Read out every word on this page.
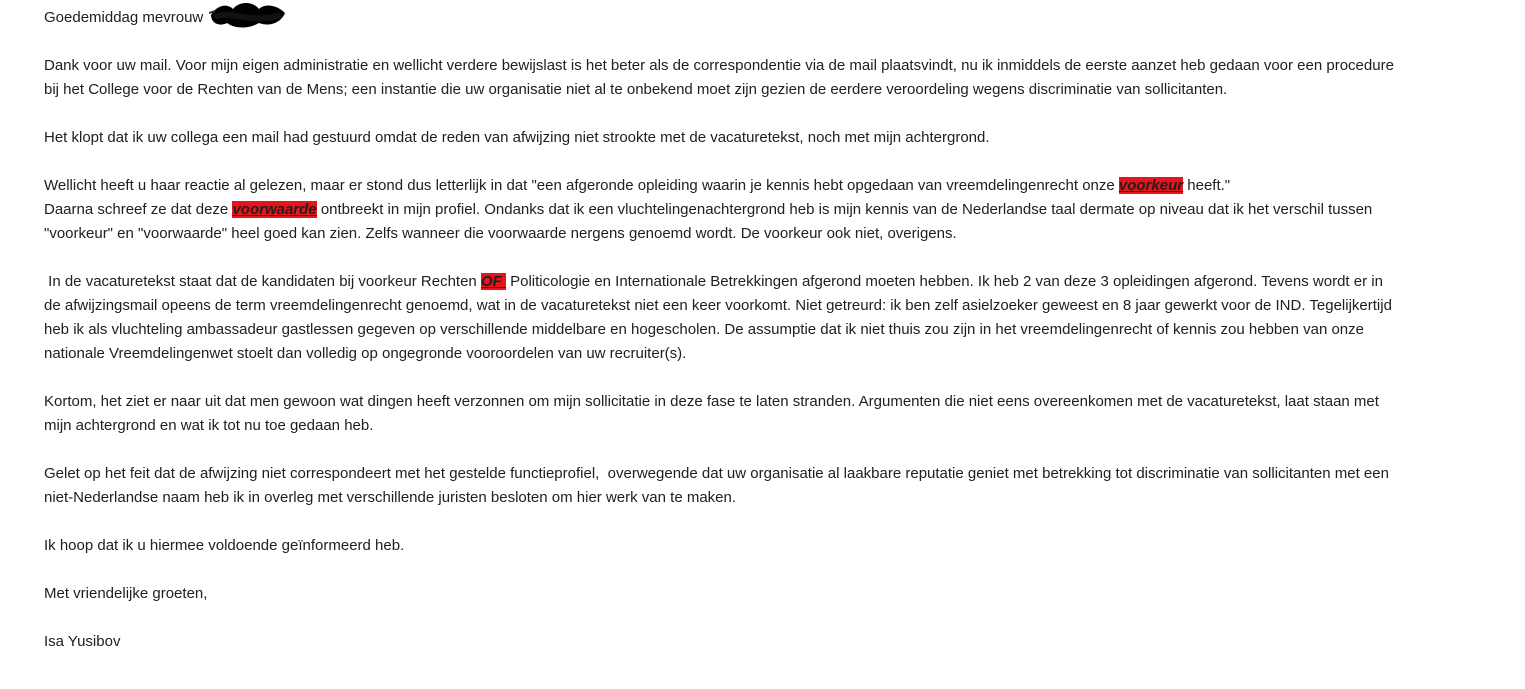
Goedemiddag mevrouw
Dank voor uw mail. Voor mijn eigen administratie en wellicht verdere bewijslast is het beter als de correspondentie via de mail plaatsvindt, nu ik inmiddels de eerste aanzet heb gedaan voor een procedure
bij het College voor de Rechten van de Mens; een instantie die uw organisatie niet al te onbekend moet zijn gezien de eerdere veroordeling wegens discriminatie van sollicitanten.
Het klopt dat ik uw collega een mail had gestuurd omdat de reden van afwijzing niet strookte met de vacaturetekst, noch met mijn achtergrond.
Wellicht heeft u haar reactie al gelezen, maar er stond dus letterlijk in dat "een afgeronde opleiding waarin je kennis hebt opgedaan van vreemdelingenrecht onze voorkeur heeft."
Daarna schreef ze dat deze voorwaarde ontbreekt in mijn profiel. Ondanks dat ik een vluchtelingenachtergrond heb is mijn kennis van de Nederlandse taal dermate op niveau dat ik het verschil tussen
"voorkeur" en "voorwaarde" heel goed kan zien. Zelfs wanneer die voorwaarde nergens genoemd wordt. De voorkeur ook niet, overigens.
In de vacaturetekst staat dat de kandidaten bij voorkeur Rechten OF  Politicologie en Internationale Betrekkingen afgerond moeten hebben. Ik heb 2 van deze 3 opleidingen afgerond. Tevens wordt er in
de afwijzingsmail opeens de term vreemdelingenrecht genoemd, wat in de vacaturetekst niet een keer voorkomt. Niet getreurd: ik ben zelf asielzoeker geweest en 8 jaar gewerkt voor de IND. Tegelijkertijd
heb ik als vluchteling ambassadeur gastlessen gegeven op verschillende middelbare en hogescholen. De assumptie dat ik niet thuis zou zijn in het vreemdelingenrecht of kennis zou hebben van onze
nationale Vreemdelingenwet stoelt dan volledig op ongegronde vooroordelen van uw recruiter(s).
Kortom, het ziet er naar uit dat men gewoon wat dingen heeft verzonnen om mijn sollicitatie in deze fase te laten stranden. Argumenten die niet eens overeenkomen met de vacaturetekst, laat staan met
mijn achtergrond en wat ik tot nu toe gedaan heb.
Gelet op het feit dat de afwijzing niet correspondeert met het gestelde functieprofiel,  overwegende dat uw organisatie al laakbare reputatie geniet met betrekking tot discriminatie van sollicitanten met een
niet-Nederlandse naam heb ik in overleg met verschillende juristen besloten om hier werk van te maken.
Ik hoop dat ik u hiermee voldoende geïnformeerd heb.
Met vriendelijke groeten,
Isa Yusibov
